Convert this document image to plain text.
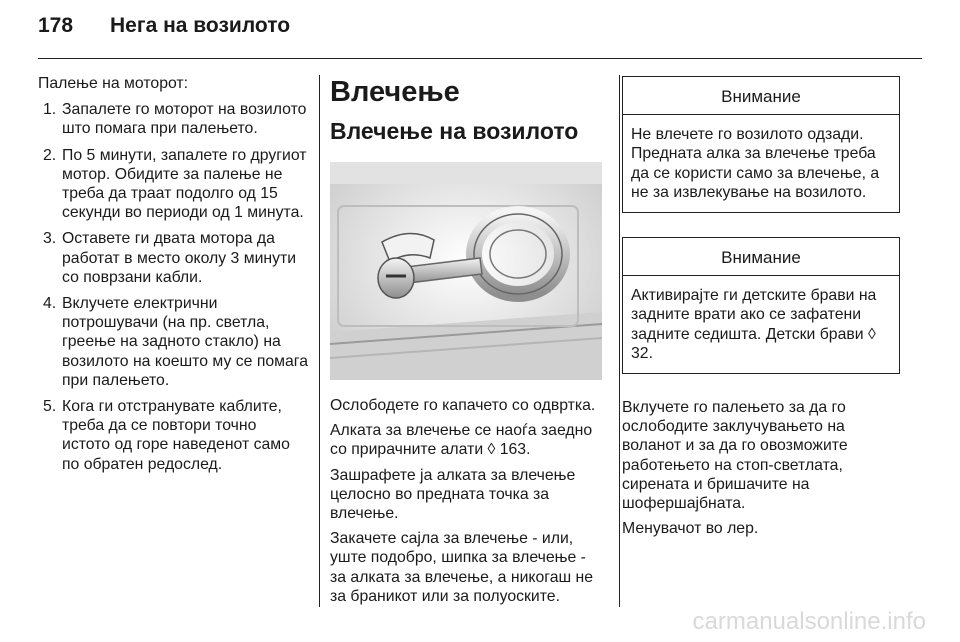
178 Нега на возилото
Палење на моторот:
1. Запалете го моторот на возилото што помага при палењето.
2. По 5 минути, запалете го другиот мотор. Обидите за палење не треба да траат подолго од 15 секунди во периоди од 1 минута.
3. Оставете ги двата мотора да работат в место околу 3 минути со поврзани кабли.
4. Вклучете електрични потрошувачи (на пр. светла, греење на задното стакло) на возилото на коешто му се помага при палењето.
5. Кога ги отстранувате каблите, треба да се повтори точно истото од горе наведенот само по обратен редослед.
Влечење
Влечење на возилото

Ослободете го капачето со одвртка.

Алката за влечење се наоѓа заедно со прирачните алати ◊ 163.

Зашрафете ја алката за влечење целосно во предната точка за влечење.

Закачете сајла за влечење - или, уште подобро, шипка за влечење - за алката за влечење, а никогаш не за браникот или за полуоските.

Внимание
Не влечете го возилото одзади. Предната алка за влечење треба да се користи само за влечење, а не за извлекување на возилото.
Внимание
Активирајте ги детските брави на задните врати ако се зафатени задните седишта. Детски брави ◊ 32.

Вклучете го палењето за да го ослободите заклучувањето на воланот и за да го овозможите работењето на стоп-светлата, сирената и бришачите на шофершајбната.

Менувачот во лер.

carmanualsonline.info
